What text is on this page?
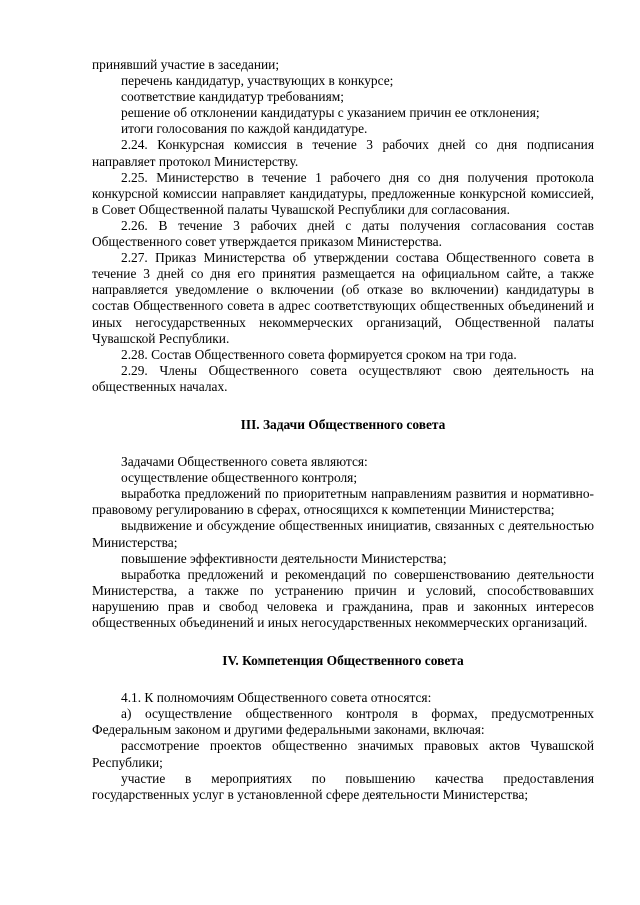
принявший участие в заседании;

перечень кандидатур, участвующих в конкурсе;

соответствие кандидатур требованиям;

решение об отклонении кандидатуры с указанием причин ее отклонения;

итоги голосования по каждой кандидатуре.

2.24. Конкурсная комиссия в течение 3 рабочих дней со дня подписания направляет протокол Министерству.

2.25. Министерство в течение 1 рабочего дня со дня получения протокола конкурсной комиссии направляет кандидатуры, предложенные конкурсной комиссией, в Совет Общественной палаты Чувашской Республики для согласования.

2.26. В течение 3 рабочих дней с даты получения согласования состав Общественного совет утверждается приказом Министерства.

2.27. Приказ Министерства об утверждении состава Общественного совета в течение 3 дней со дня его принятия размещается на официальном сайте, а также направляется уведомление о включении (об отказе во включении) кандидатуры в состав Общественного совета в адрес соответствующих общественных объединений и иных негосударственных некоммерческих организаций, Общественной палаты Чувашской Республики.

2.28. Состав Общественного совета формируется сроком на три года.

2.29. Члены Общественного совета осуществляют свою деятельность на общественных началах.

III. Задачи Общественного совета

Задачами Общественного совета являются:

осуществление общественного контроля;

выработка предложений по приоритетным направлениям развития и нормативно-правовому регулированию в сферах, относящихся к компетенции Министерства;

выдвижение и обсуждение общественных инициатив, связанных с деятельностью Министерства;

повышение эффективности деятельности Министерства;

выработка предложений и рекомендаций по совершенствованию деятельности Министерства, а также по устранению причин и условий, способствовавших нарушению прав и свобод человека и гражданина, прав и законных интересов общественных объединений и иных негосударственных некоммерческих организаций.

IV. Компетенция Общественного совета

4.1. К полномочиям Общественного совета относятся:

а) осуществление общественного контроля в формах, предусмотренных Федеральным законом и другими федеральными законами, включая:

рассмотрение проектов общественно значимых правовых актов Чувашской Республики;

участие в мероприятиях по повышению качества предоставления государственных услуг в установленной сфере деятельности Министерства;
